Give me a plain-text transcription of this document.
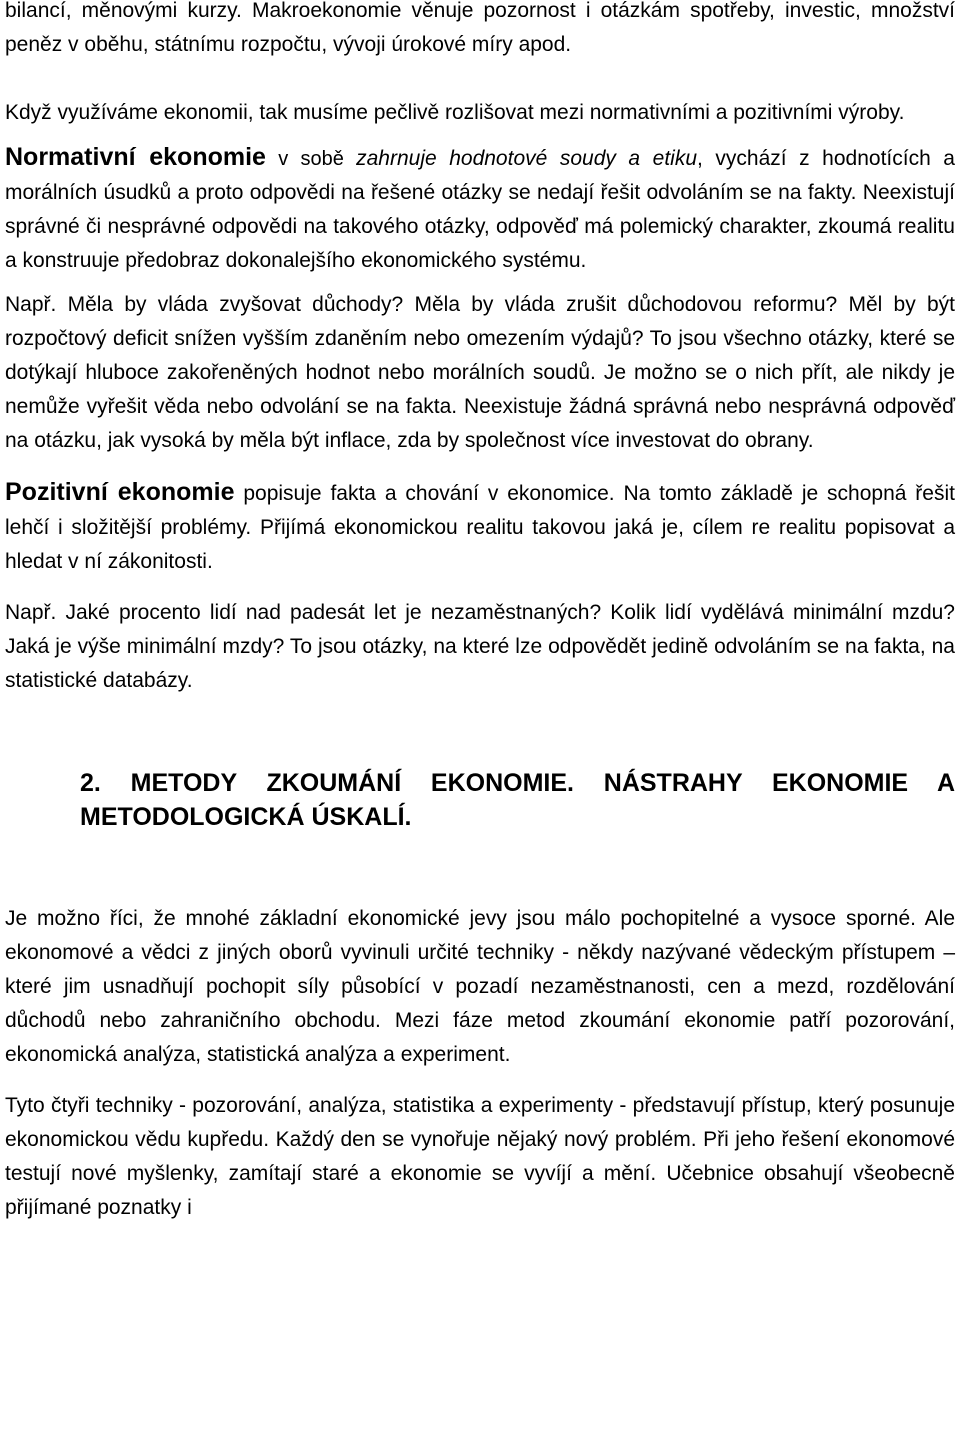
bilancí, měnovými kurzy. Makroekonomie věnuje pozornost i otázkám spotřeby, investic, množství peněz v oběhu, státnímu rozpočtu, vývoji úrokové míry apod.

Když využíváme ekonomii, tak musíme pečlivě rozlišovat mezi normativními a pozitivními výroby.

Normativní ekonomie v sobě zahrnuje hodnotové soudy a etiku, vychází z hodnotících a morálních úsudků a proto odpovědi na řešené otázky se nedají řešit odvoláním se na fakty. Neexistují správné či nesprávné odpovědi na takového otázky, odpověď má polemický charakter, zkoumá realitu a konstruuje předobraz dokonalejšího ekonomického systému.

Např. Měla by vláda zvyšovat důchody? Měla by vláda zrušit důchodovou reformu? Měl by být rozpočtový deficit snížen vyšším zdaněním nebo omezením výdajů? To jsou všechno otázky, které se dotýkají hluboce zakořeněných hodnot nebo morálních soudů. Je možno se o nich přít, ale nikdy je nemůže vyřešit věda nebo odvolání se na fakta. Neexistuje žádná správná nebo nesprávná odpověď na otázku, jak vysoká by měla být inflace, zda by společnost více investovat do obrany.

Pozitivní ekonomie popisuje fakta a chování v ekonomice. Na tomto základě je schopná řešit lehčí i složitější problémy. Přijímá ekonomickou realitu takovou jaká je, cílem re realitu popisovat a hledat v ní zákonitosti.

Např. Jaké procento lidí nad padesát let je nezaměstnaných? Kolik lidí vydělává minimální mzdu? Jaká je výše minimální mzdy? To jsou otázky, na které lze odpovědět jedině odvoláním se na fakta, na statistické databázy.

2. METODY ZKOUMÁNÍ EKONOMIE. NÁSTRAHY EKONOMIE A METODOLOGICKÁ ÚSKALÍ.

Je možno říci, že mnohé základní ekonomické jevy jsou málo pochopitelné a vysoce sporné. Ale ekonomové a vědci z jiných oborů vyvinuli určité techniky - někdy nazývané vědeckým přístupem – které jim usnadňují pochopit síly působící v pozadí nezaměstnanosti, cen a mezd, rozdělování důchodů nebo zahraničního obchodu. Mezi fáze metod zkoumání ekonomie patří pozorování, ekonomická analýza, statistická analýza a experiment.

Tyto čtyři techniky - pozorování, analýza, statistika a experimenty - představují přístup, který posunuje ekonomickou vědu kupředu. Každý den se vynořuje nějaký nový problém. Při jeho řešení ekonomové testují nové myšlenky, zamítají staré a ekonomie se vyvíjí a mění. Učebnice obsahují všeobecně přijímané poznatky i
